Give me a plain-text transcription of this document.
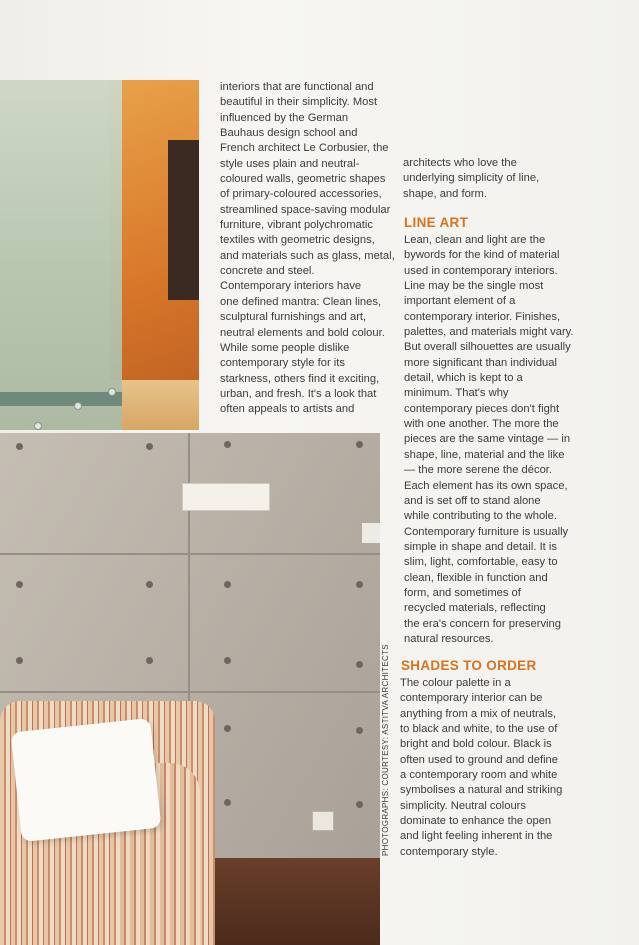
interiors that are functional and

beautiful in their simplicity. Most

influenced by the German

Bauhaus design school and

French architect Le Corbusier, the

style uses plain and neutral-

coloured walls, geometric shapes

of primary-coloured accessories,

streamlined space-saving modular

furniture, vibrant polychromatic

textiles with geometric designs,

and materials such as glass, metal,

concrete and steel.

Contemporary interiors have

one defined mantra: Clean lines,

sculptural furnishings and art,

neutral elements and bold colour.

While some people dislike

contemporary style for its

starkness, others find it exciting,

urban, and fresh. It's a look that

often appeals to artists and

architects who love the

underlying simplicity of line,

shape, and form.

LINE ART

Lean, clean and light are the

bywords for the kind of material

used in contemporary interiors.

Line may be the single most

important element of a

contemporary interior. Finishes,

palettes, and materials might vary.

But overall silhouettes are usually

more significant than individual

detail, which is kept to a

minimum. That's why

contemporary pieces don't fight

with one another. The more the

pieces are the same vintage — in

shape, line, material and the like

— the more serene the décor.

Each element has its own space,

and is set off to stand alone

while contributing to the whole.

Contemporary furniture is usually

simple in shape and detail. It is

slim, light, comfortable, easy to

clean, flexible in function and

form, and sometimes of

recycled materials, reflecting

the era's concern for preserving

natural resources.

SHADES TO ORDER

The colour palette in a

contemporary interior can be

anything from a mix of neutrals,

to black and white, to the use of

bright and bold colour. Black is

often used to ground and define

a contemporary room and white

symbolises a natural and striking

simplicity. Neutral colours

dominate to enhance the open

and light feeling inherent in the

contemporary style.

PHOTOGRAPHS: COURTESY: ASTITVA ARCHITECTS
